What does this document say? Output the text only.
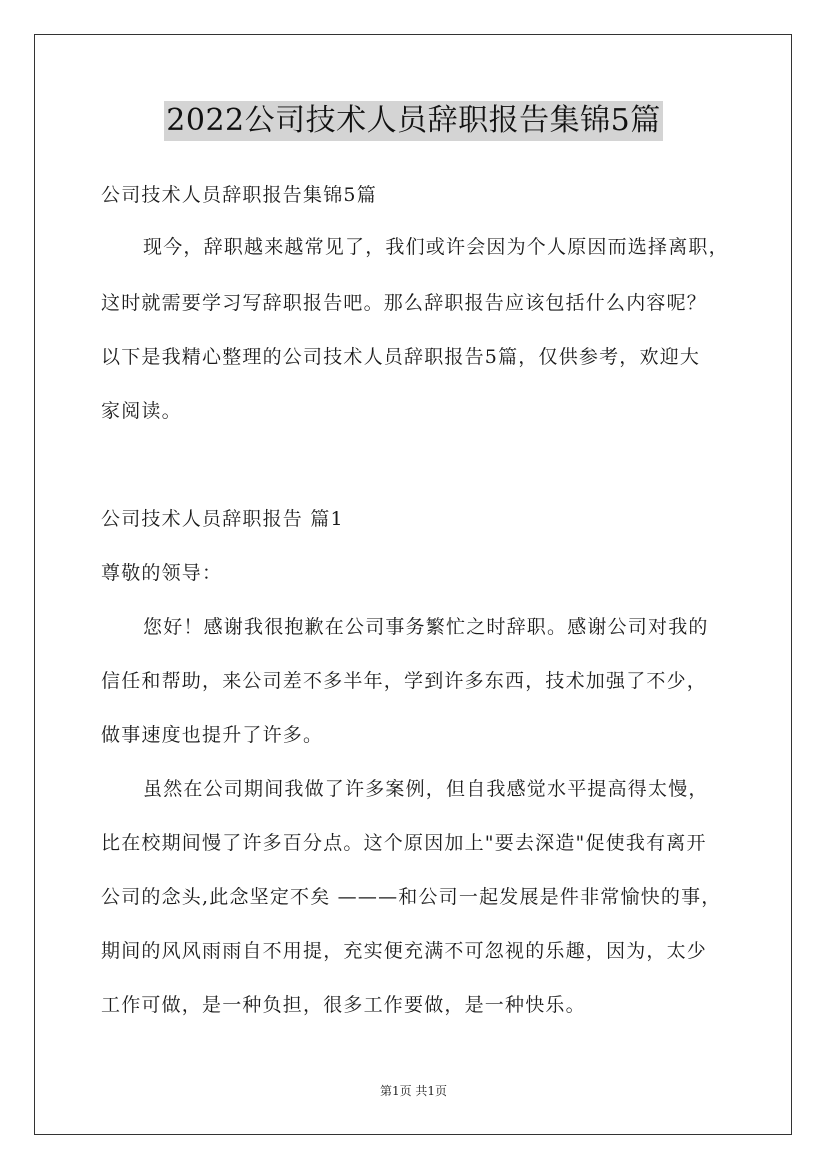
2022公司技术人员辞职报告集锦5篇
公司技术人员辞职报告集锦5篇
现今，辞职越来越常见了，我们或许会因为个人原因而选择离职，
这时就需要学习写辞职报告吧。那么辞职报告应该包括什么内容呢？
以下是我精心整理的公司技术人员辞职报告5篇，仅供参考，欢迎大
家阅读。
公司技术人员辞职报告 篇1
尊敬的领导：
您好！感谢我很抱歉在公司事务繁忙之时辞职。感谢公司对我的
信任和帮助，来公司差不多半年，学到许多东西，技术加强了不少，
做事速度也提升了许多。
虽然在公司期间我做了许多案例，但自我感觉水平提高得太慢，
比在校期间慢了许多百分点。这个原因加上"要去深造"促使我有离开
公司的念头,此念坚定不矣 ———和公司一起发展是件非常愉快的事，
期间的风风雨雨自不用提，充实便充满不可忽视的乐趣，因为，太少
工作可做，是一种负担，很多工作要做，是一种快乐。
第1页 共1页
